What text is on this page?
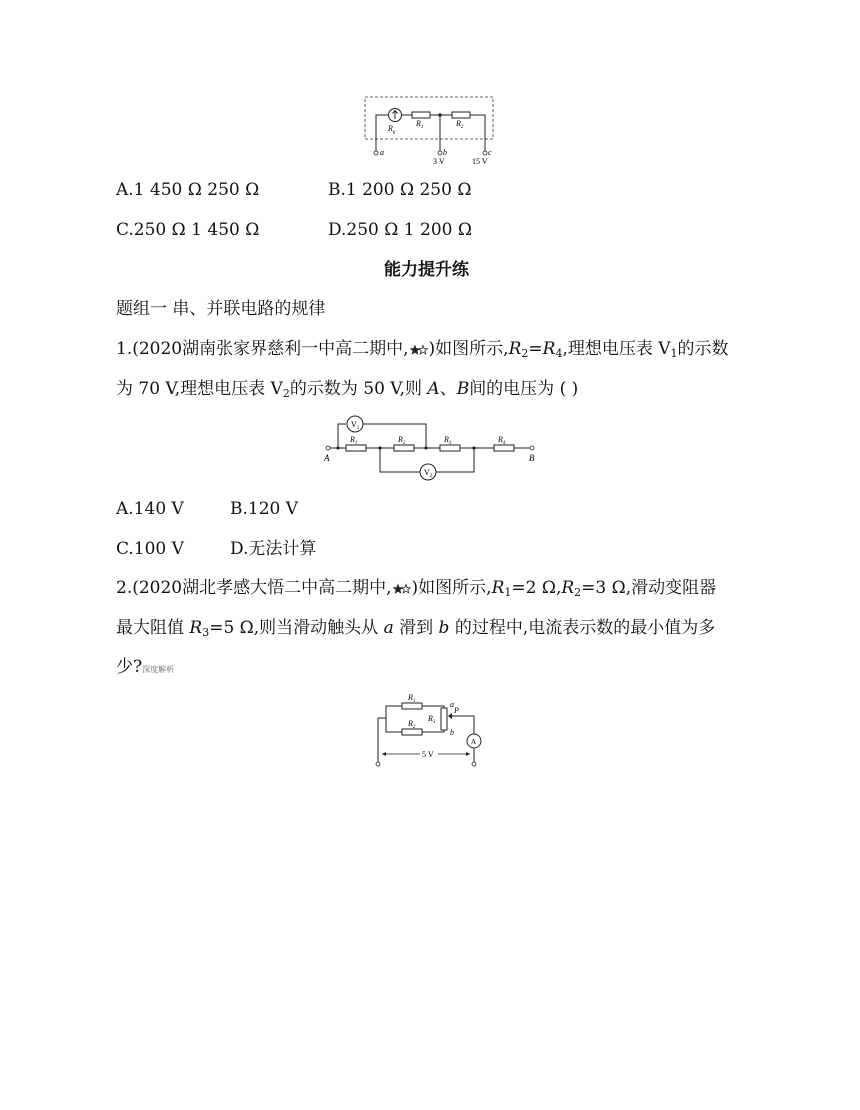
$R_g$
$R_1$	$R_2$
a	b	c
3 V	15 V
A.1 450 Ω 250 Ω	B.1 200 Ω 250 Ω
C.250 Ω 1 450 Ω	D.250 Ω 1 200 Ω
能力提升练
题组一 串、并联电路的规律
1.(2020湖南张家界慈利一中高二期中, )如图所示$,R_2=R_4$,理想电压表 $V_1$的示数
为 70 V,理想电压表 $V_2$的示数为 50 V,则 A、B间的电压为 ( )
$R_1$	$R_2$	$R_3$	$R_4$
$V_1$
$V_2$
A	B
A.140 V	B.120 V
C.100 V	D.无法计算
2.(2020湖北孝感大悟二中高二期中, )如图所示$,R_1=2$ $\Omega,R_2=3$ Ω,滑动变阻器
最大阻值 $R_3=5$ Ω,则当滑动触头从 a 滑到 b 的过程中,电流表示数的最小值为多
少?深度解析
5 V
$R_1$
$R_2$
$R_3$
a
b
P
A
